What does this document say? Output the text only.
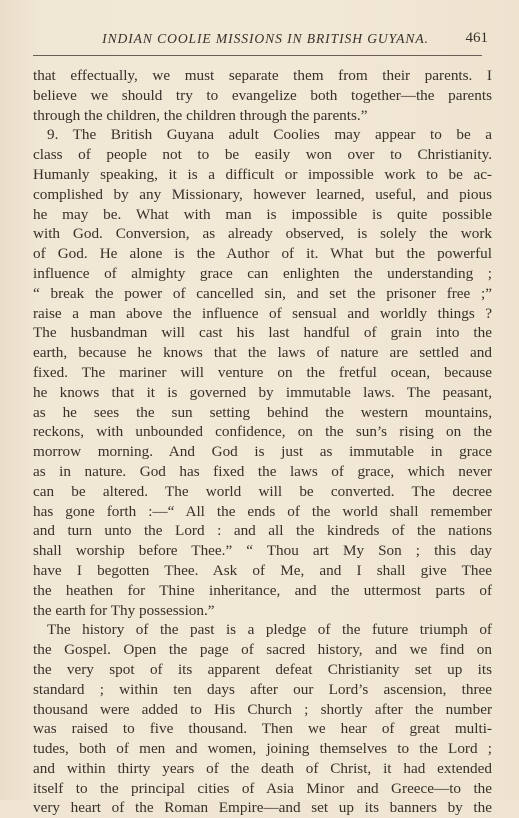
INDIAN COOLIE MISSIONS IN BRITISH GUYANA. 461
that effectually, we must separate them from their parents. I
believe we should try to evangelize both together—the parents
through the children, the children through the parents.”
9. The British Guyana adult Coolies may appear to be a
class of people not to be easily won over to Christianity.
Humanly speaking, it is a difficult or impossible work to be ac-
complished by any Missionary, however learned, useful, and pious
he may be. What with man is impossible is quite possible
with God. Conversion, as already observed, is solely the work
of God. He alone is the Author of it. What but the powerful
influence of almighty grace can enlighten the understanding ;
“ break the power of cancelled sin, and set the prisoner free ;”
raise a man above the influence of sensual and worldly things ?
The husbandman will cast his last handful of grain into the
earth, because he knows that the laws of nature are settled and
fixed. The mariner will venture on the fretful ocean, because
he knows that it is governed by immutable laws. The peasant,
as he sees the sun setting behind the western mountains,
reckons, with unbounded confidence, on the sun’s rising on the
morrow morning. And God is just as immutable in grace
as in nature. God has fixed the laws of grace, which never
can be altered. The world will be converted. The decree
has gone forth :—“ All the ends of the world shall remember
and turn unto the Lord : and all the kindreds of the nations
shall worship before Thee.” “ Thou art My Son ; this day
have I begotten Thee. Ask of Me, and I shall give Thee
the heathen for Thine inheritance, and the uttermost parts of
the earth for Thy possession.”
The history of the past is a pledge of the future triumph of
the Gospel. Open the page of sacred history, and we find on
the very spot of its apparent defeat Christianity set up its
standard ; within ten days after our Lord’s ascension, three
thousand were added to His Church ; shortly after the number
was raised to five thousand. Then we hear of great multi-
tudes, both of men and women, joining themselves to the Lord ;
and within thirty years of the death of Christ, it had extended
itself to the principal cities of Asia Minor and Greece—to the
very heart of the Roman Empire—and set up its banners by the
